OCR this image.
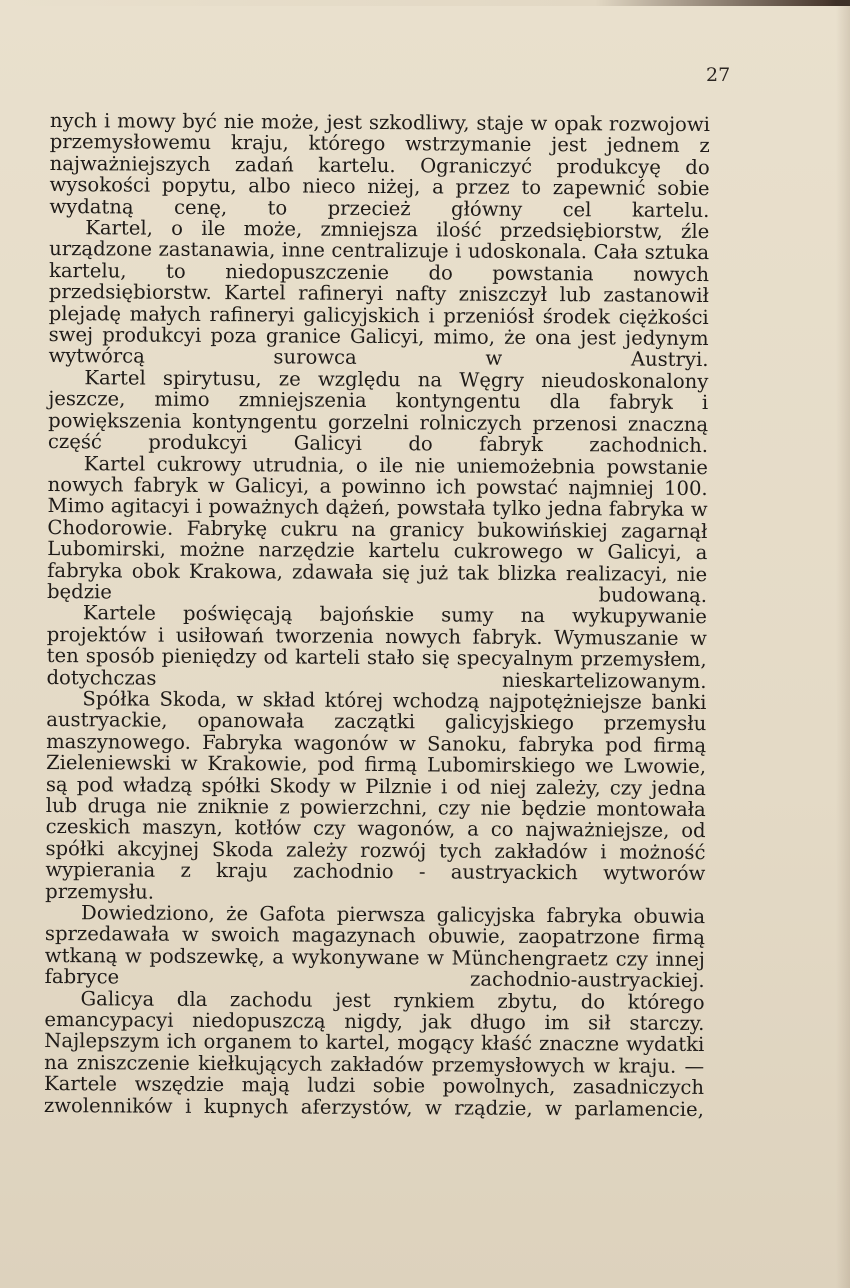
27

nych i mowy być nie może, jest szkodliwy, staje w opak rozwojowi przemysłowemu kraju, którego wstrzymanie jest jednem z najważniejszych zadań kartelu. Ograniczyć produkcyę do wysokości popytu, albo nieco niżej, a przez to zapewnić sobie wydatną cenę, to przecież główny cel kartelu.

Kartel, o ile może, zmniejsza ilość przedsiębiorstw, źle urządzone zastanawia, inne centralizuje i udoskonala. Cała sztuka kartelu, to niedopuszczenie do powstania nowych przedsiębiorstw. Kartel rafineryi nafty zniszczył lub zastanowił plejadę małych rafineryi galicyjskich i przeniósł środek ciężkości swej produkcyi poza granice Galicyi, mimo, że ona jest jedynym wytwórcą surowca w Austryi.

Kartel spirytusu, ze względu na Węgry nieudoskonalony jeszcze, mimo zmniejszenia kontyngentu dla fabryk i powiększenia kontyngentu gorzelni rolniczych przenosi znaczną część produkcyi Galicyi do fabryk zachodnich.

Kartel cukrowy utrudnia, o ile nie uniemożebnia powstanie nowych fabryk w Galicyi, a powinno ich powstać najmniej 100. Mimo agitacyi i poważnych dążeń, powstała tylko jedna fabryka w Chodorowie. Fabrykę cukru na granicy bukowińskiej zagarnął Lubomirski, możne narzędzie kartelu cukrowego w Galicyi, a fabryka obok Krakowa, zdawała się już tak blizka realizacyi, nie będzie budowaną.

Kartele poświęcają bajońskie sumy na wykupywanie projektów i usiłowań tworzenia nowych fabryk. Wymuszanie w ten sposób pieniędzy od karteli stało się specyalnym przemysłem, dotychczas nieskartelizowanym.

Spółka Skoda, w skład której wchodzą najpotężniejsze banki austryackie, opanowała zaczątki galicyjskiego przemysłu maszynowego. Fabryka wagonów w Sanoku, fabryka pod firmą Zieleniewski w Krakowie, pod firmą Lubomirskiego we Lwowie, są pod władzą spółki Skody w Pilznie i od niej zależy, czy jedna lub druga nie zniknie z powierzchni, czy nie będzie montowała czeskich maszyn, kotłów czy wagonów, a co najważniejsze, od spółki akcyjnej Skoda zależy rozwój tych zakładów i możność wypierania z kraju zachodnio - austryackich wytworów przemysłu.

Dowiedziono, że Gafota pierwsza galicyjska fabryka obuwia sprzedawała w swoich magazynach obuwie, zaopatrzone firmą wtkaną w podszewkę, a wykonywane w Münchengraetz czy innej fabryce zachodnio-austryackiej.

Galicya dla zachodu jest rynkiem zbytu, do którego emancypacyi niedopuszczą nigdy, jak długo im sił starczy. Najlepszym ich organem to kartel, mogący kłaść znaczne wydatki na zniszczenie kiełkujących zakładów przemysłowych w kraju. — Kartele wszędzie mają ludzi sobie powolnych, zasadniczych zwolenników i kupnych aferzystów, w rządzie, w parlamencie,
